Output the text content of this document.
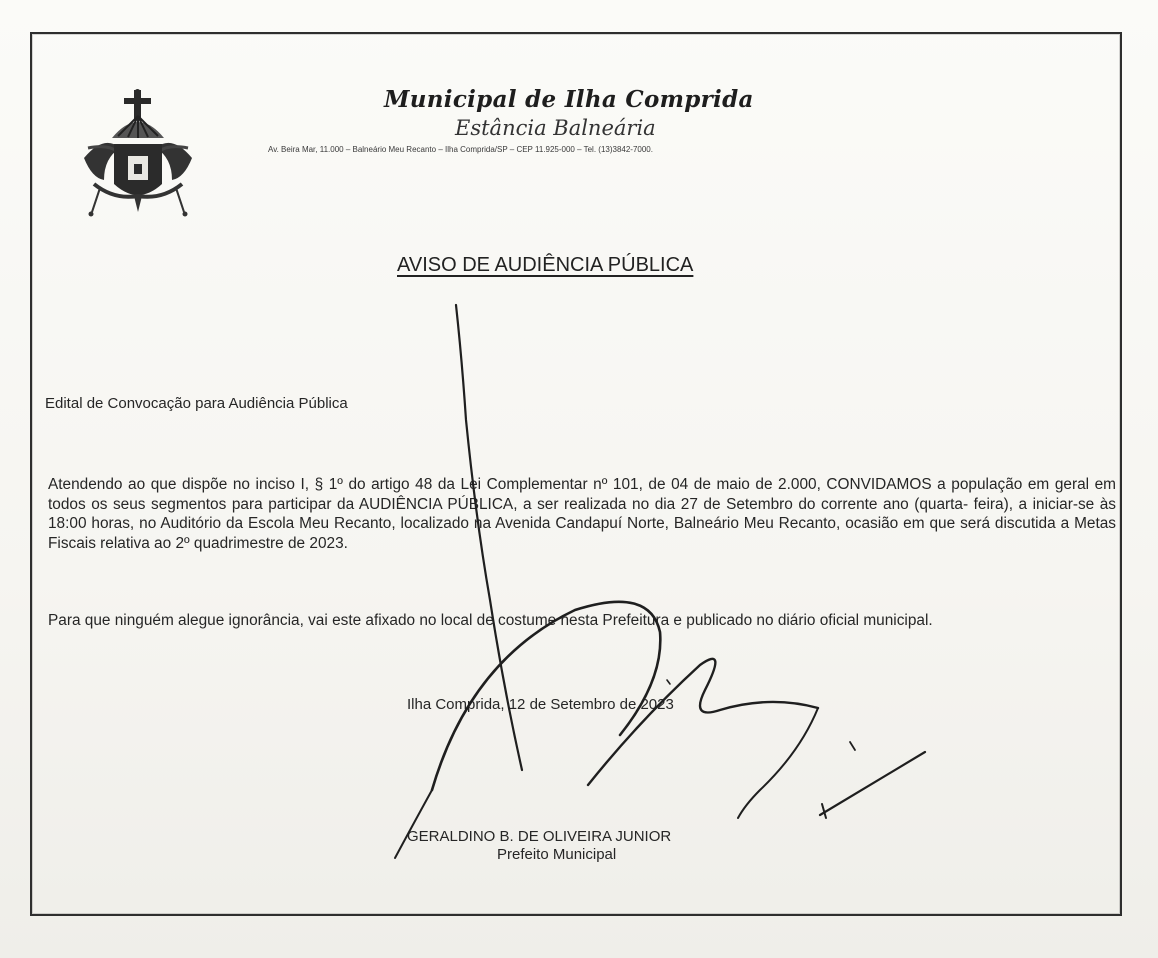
Municipal de Ilha Comprida
Estância Balneária
Av. Beira Mar, 11.000 – Balneário Meu Recanto – Ilha Comprida/SP – CEP 11.925-000 – Tel. (13)3842-7000.
AVISO DE AUDIÊNCIA PÚBLICA
Edital de Convocação para Audiência Pública

Atendendo ao que dispõe no inciso I, § 1º do artigo 48 da Lei Complementar nº 101, de 04 de maio de 2.000, CONVIDAMOS a população em geral em todos os seus segmentos para participar da AUDIÊNCIA PÚBLICA, a ser realizada no dia 27 de Setembro do corrente ano (quarta- feira), a iniciar-se às 18:00 horas, no Auditório da Escola Meu Recanto, localizado na Avenida Candapuí Norte, Balneário Meu Recanto, ocasião em que será discutida a Metas Fiscais relativa ao 2º quadrimestre de 2023.

Para que ninguém alegue ignorância, vai este afixado no local de costume nesta Prefeitura e publicado no diário oficial municipal.

Ilha Comprida, 12 de Setembro de 2023
GERALDINO B. DE OLIVEIRA JUNIOR
Prefeito Municipal
